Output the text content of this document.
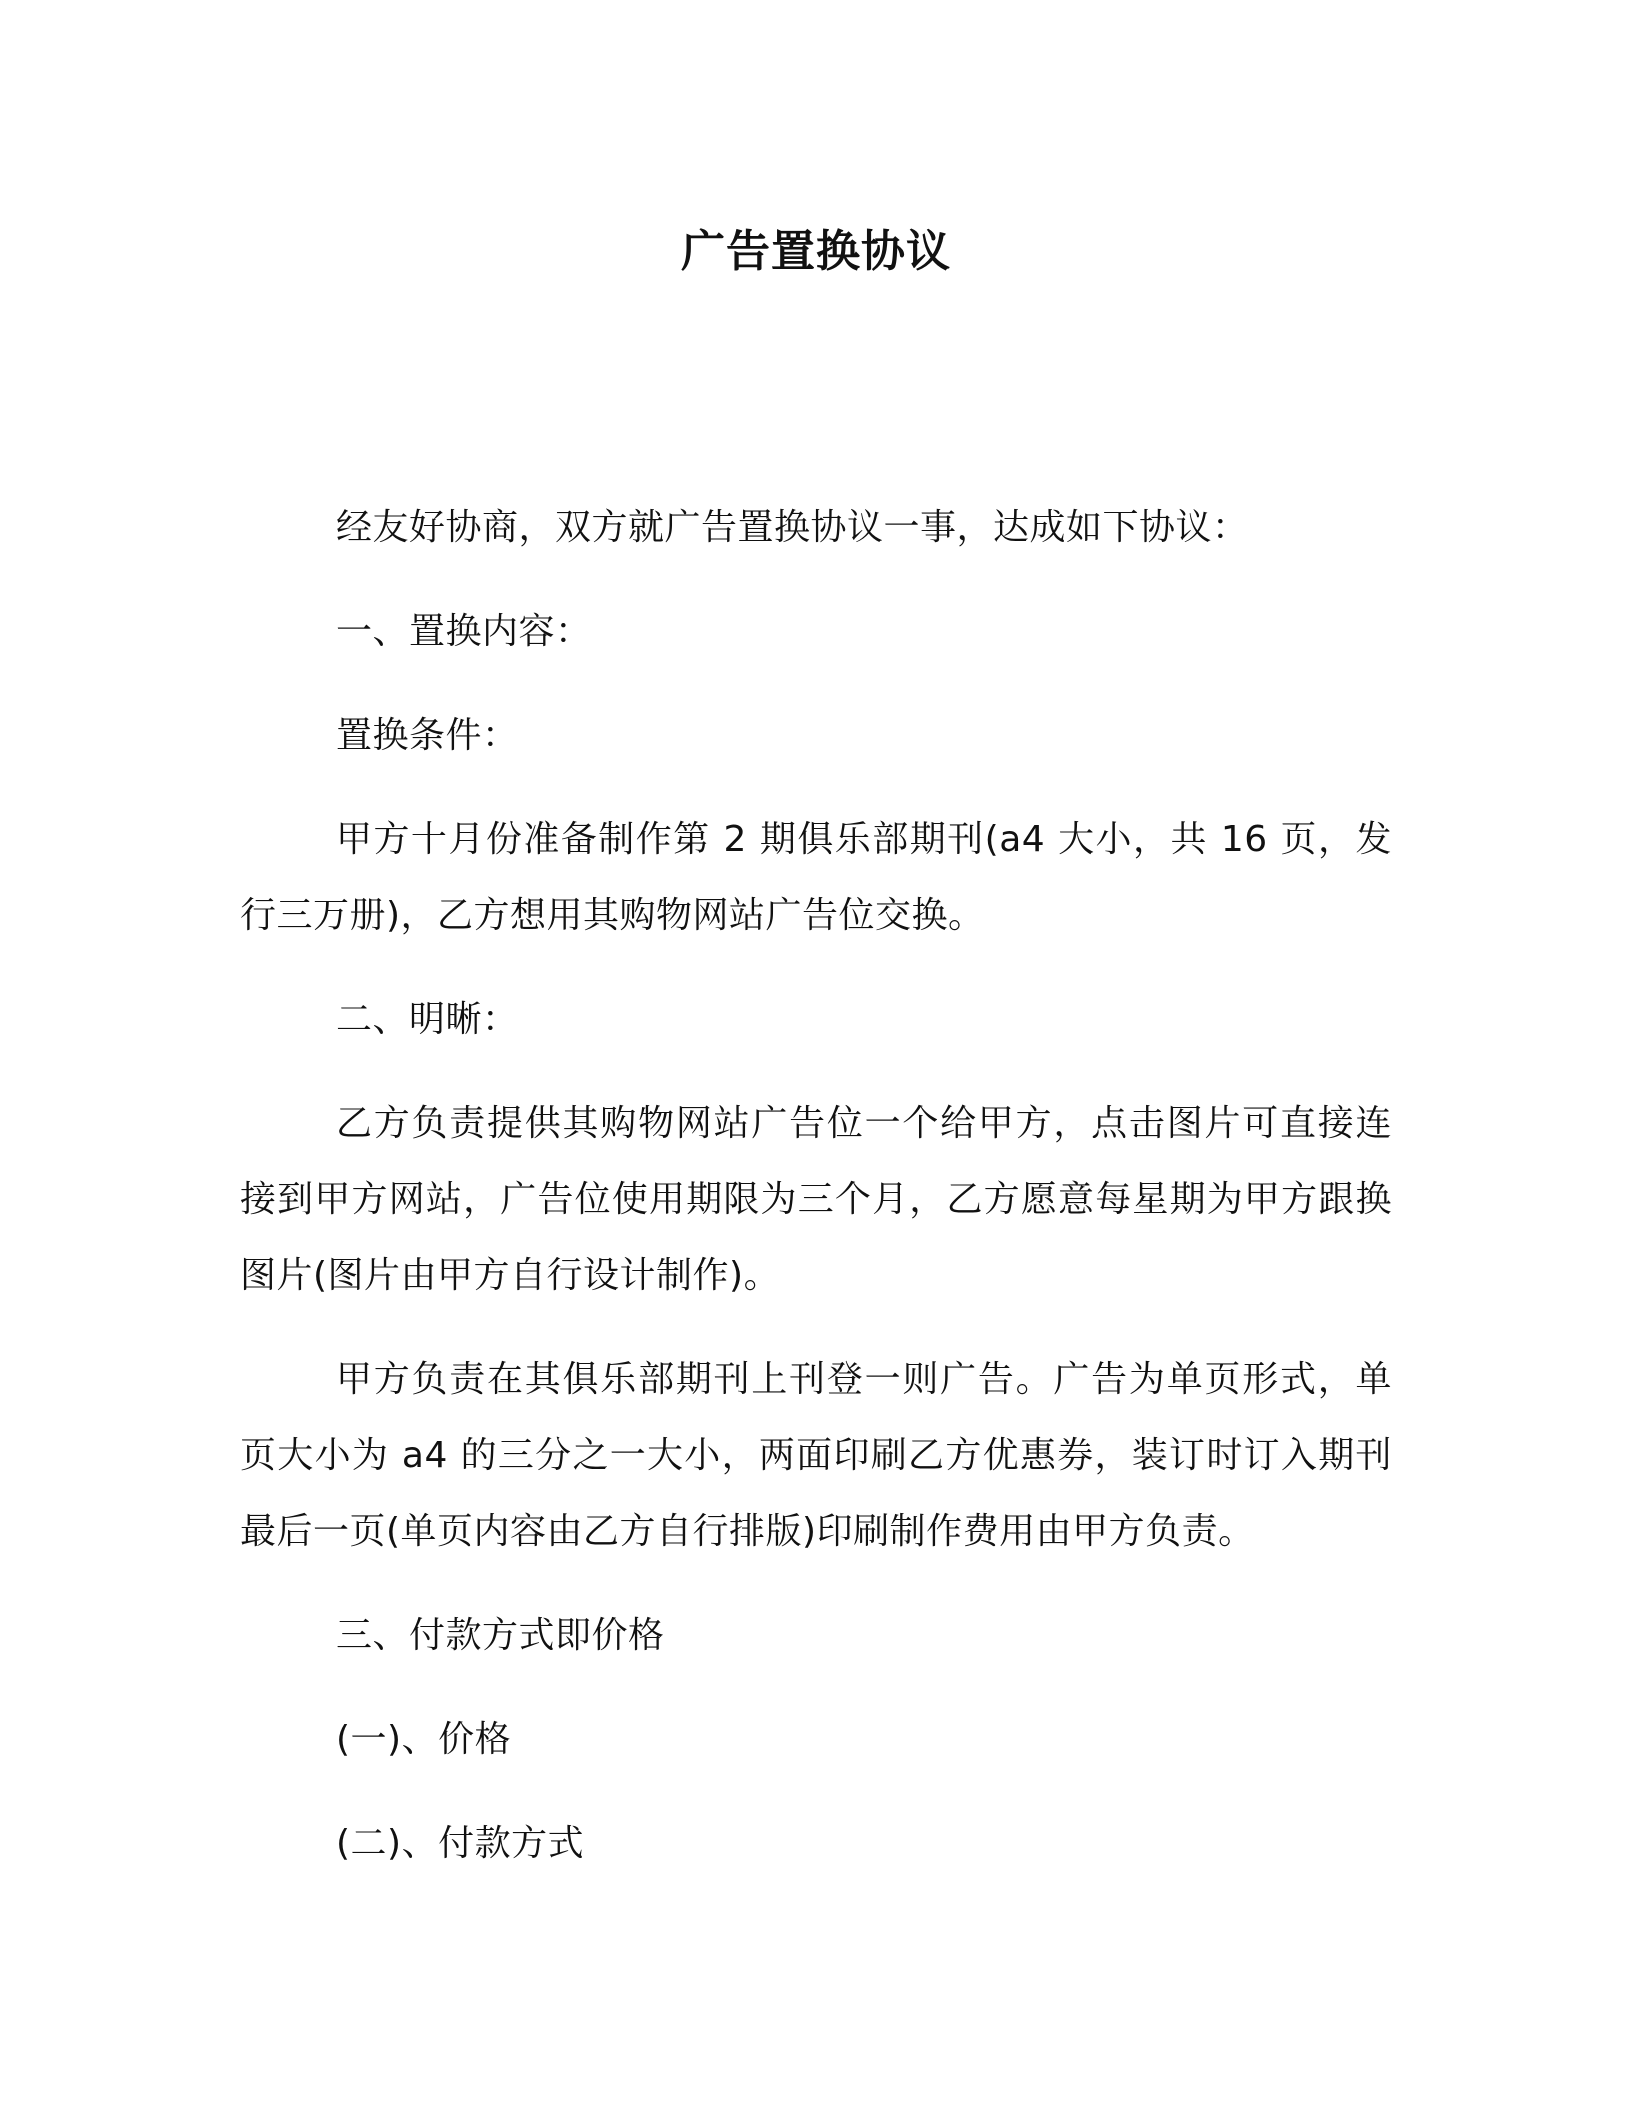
广告置换协议

经友好协商，双方就广告置换协议一事，达成如下协议：

一、置换内容：

置换条件：

甲方十月份准备制作第 2 期俱乐部期刊(a4 大小，共 16 页，发行三万册)，乙方想用其购物网站广告位交换。

二、明晰：

乙方负责提供其购物网站广告位一个给甲方，点击图片可直接连接到甲方网站，广告位使用期限为三个月，乙方愿意每星期为甲方跟换图片(图片由甲方自行设计制作)。

甲方负责在其俱乐部期刊上刊登一则广告。广告为单页形式，单页大小为 a4 的三分之一大小，两面印刷乙方优惠券，装订时订入期刊最后一页(单页内容由乙方自行排版)印刷制作费用由甲方负责。

三、付款方式即价格

(一)、价格

(二)、付款方式
